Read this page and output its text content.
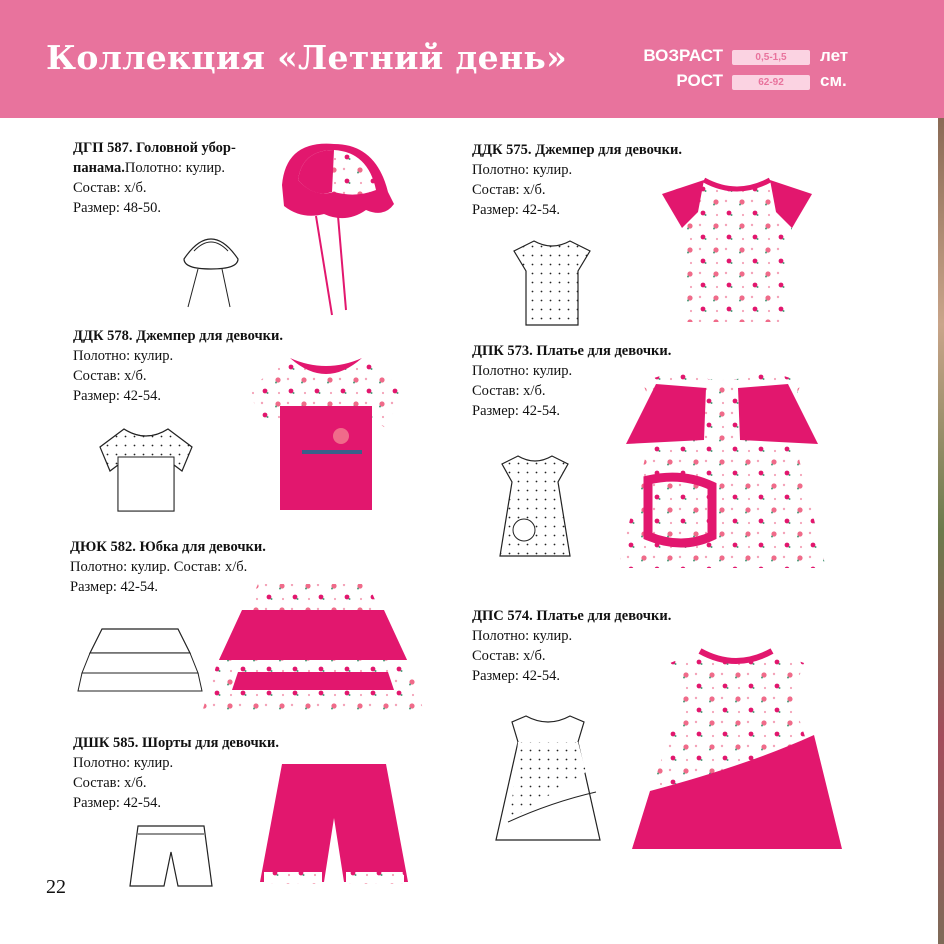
Коллекция «Летний день»	ВОЗРАСТ	0,5-1,5	лет
РОСТ	62-92	см.
ДГП 587. Головной убор-
панама.Полотно: кулир.
Состав: х/б.
Размер: 48-50.
ДДК 578. Джемпер для девочки.
Полотно: кулир.
Состав: х/б.
Размер: 42-54.
ДЮК 582. Юбка для девочки.
Полотно: кулир. Состав: х/б.
Размер: 42-54.
ДШК 585. Шорты для девочки.
Полотно: кулир.
Состав: х/б.
Размер: 42-54.
ДДК 575. Джемпер для девочки.
Полотно: кулир.
Состав: х/б.
Размер: 42-54.
ДПК 573. Платье для девочки.
Полотно: кулир.
Состав: х/б.
Размер: 42-54.
ДПС 574. Платье для девочки.
Полотно: кулир.
Состав: х/б.
Размер: 42-54.
22
